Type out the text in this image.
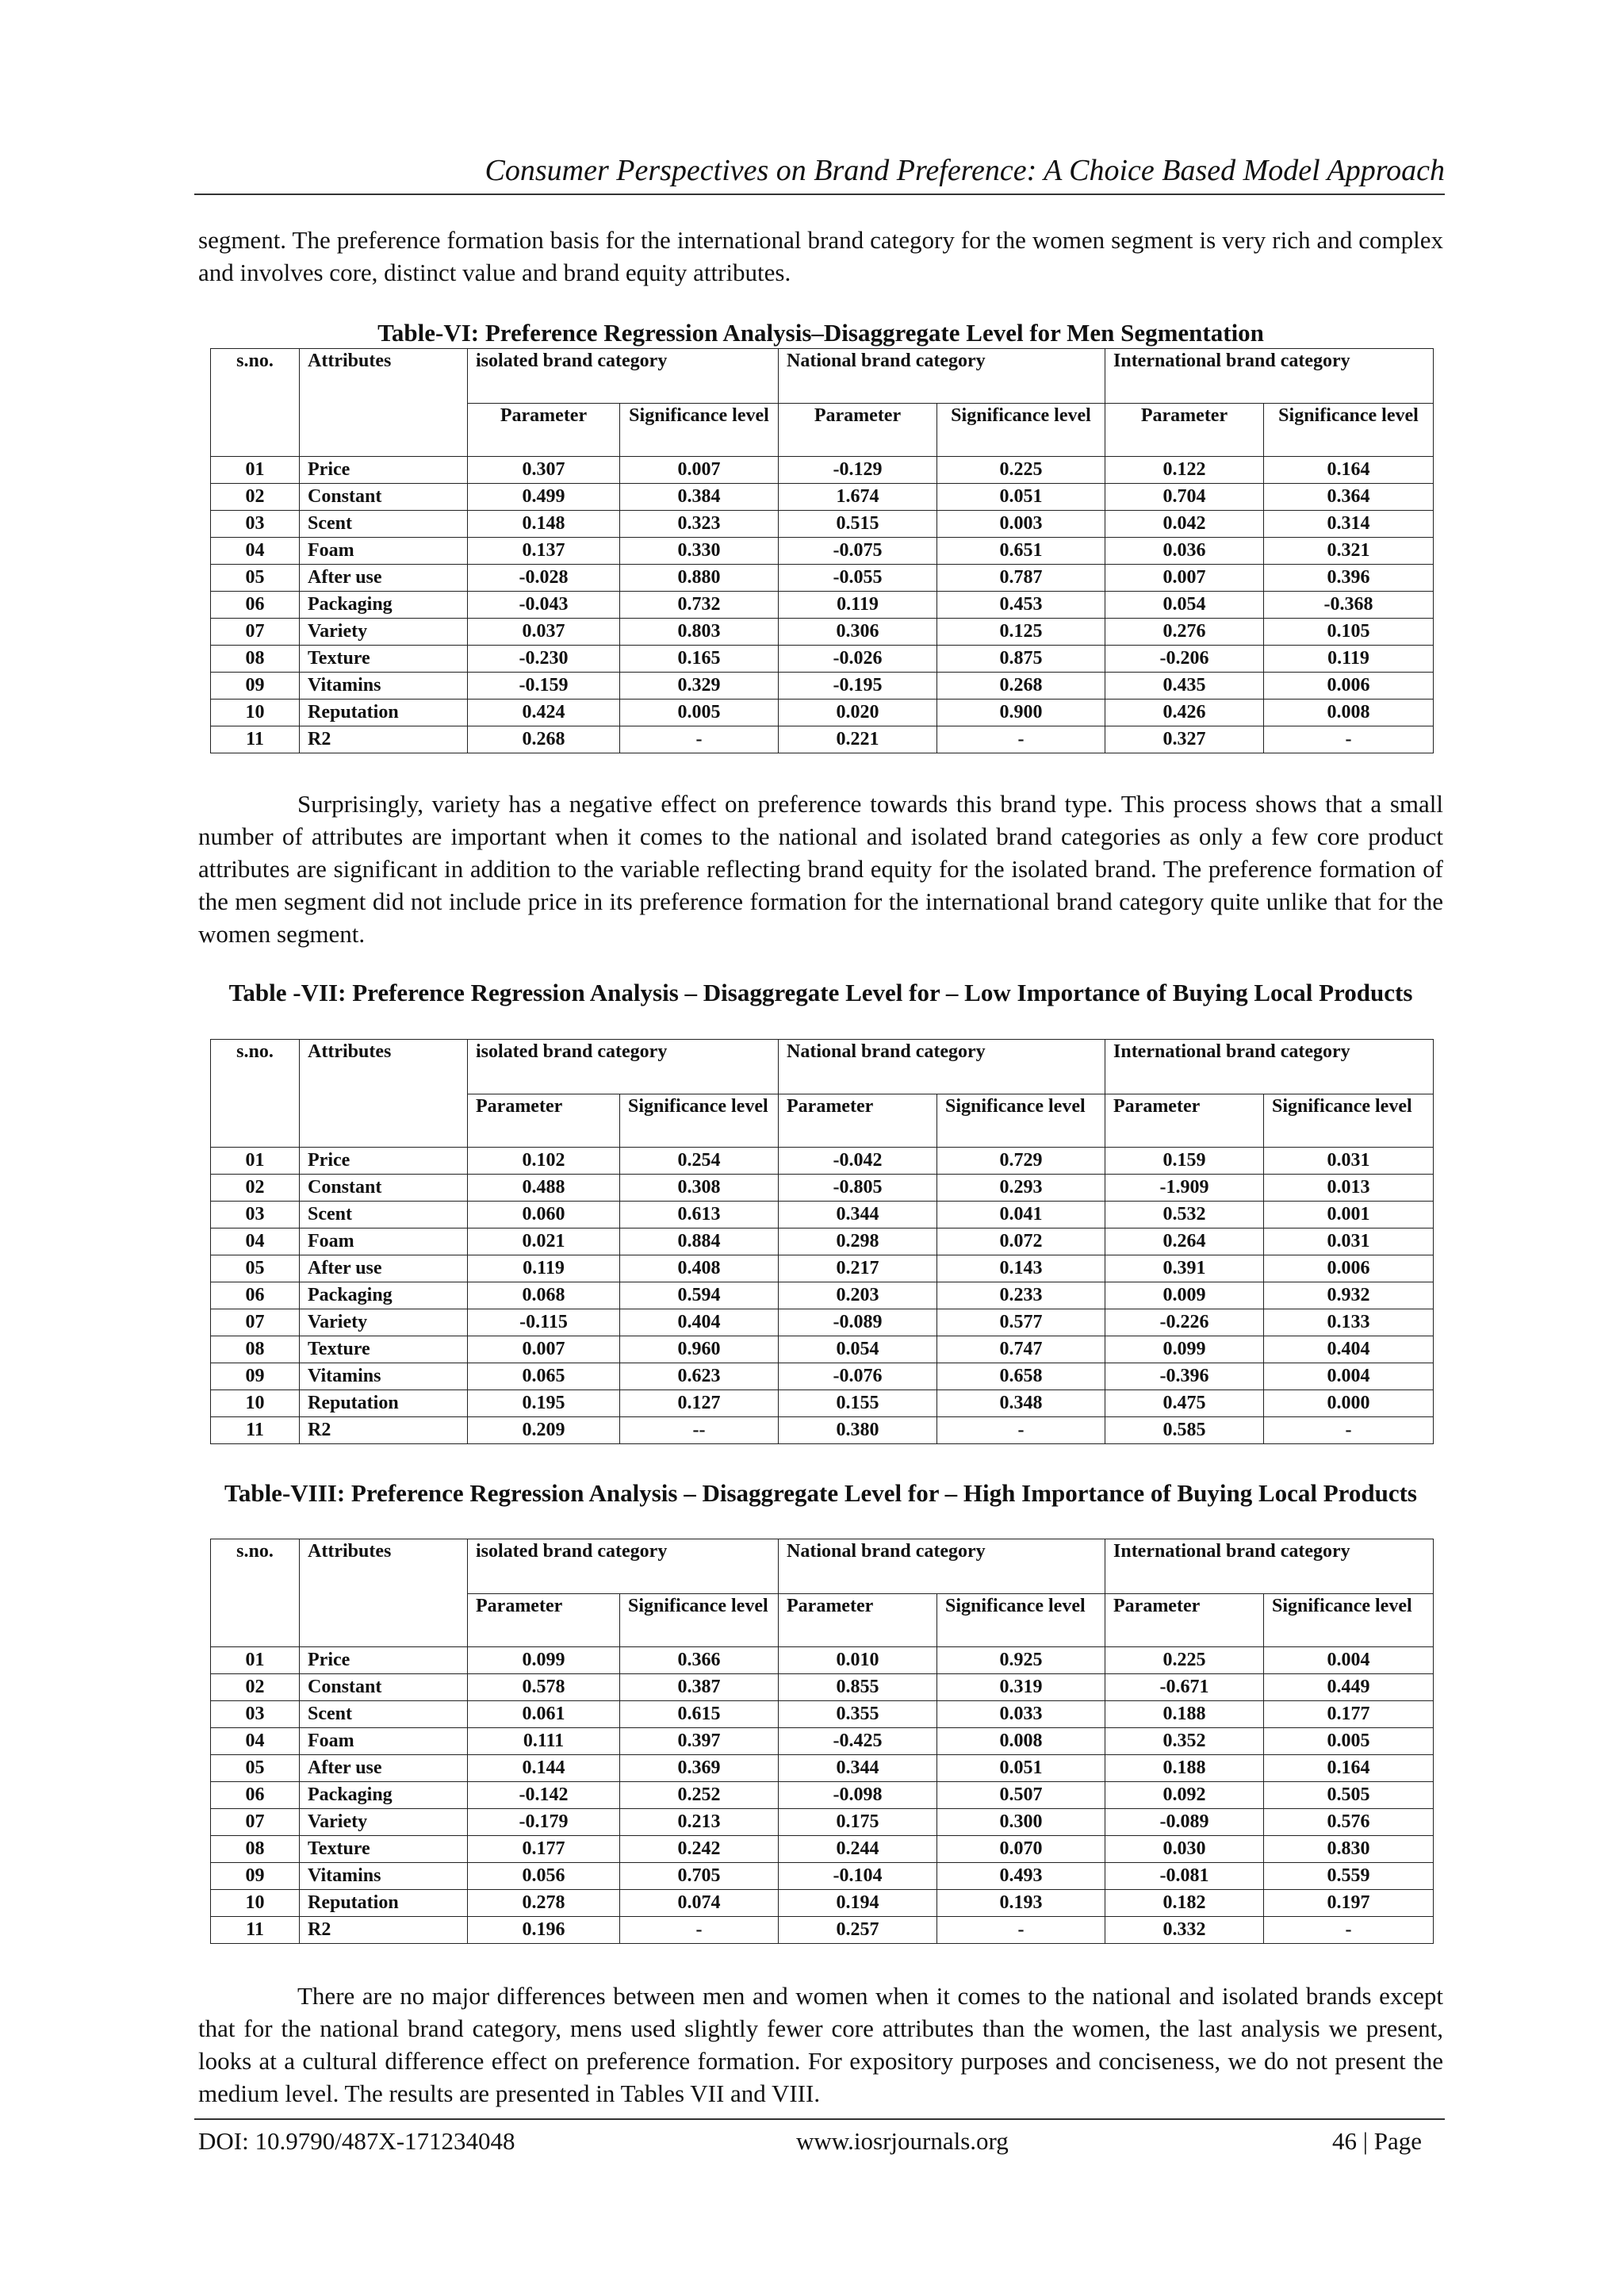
Consumer Perspectives on Brand Preference: A Choice Based Model Approach

segment. The preference formation basis for the international brand category for the women segment is very rich and complex and involves core, distinct value and brand equity attributes.

Table-VI: Preference Regression Analysis–Disaggregate Level for Men Segmentation
s.no.	Attributes	isolated brand category		National brand category		International brand category	
		Parameter	Significance level	Parameter	Significance level	Parameter	Significance level
01	Price	0.307	0.007	-0.129	0.225	0.122	0.164
02	Constant	0.499	0.384	1.674	0.051	0.704	0.364
03	Scent	0.148	0.323	0.515	0.003	0.042	0.314
04	Foam	0.137	0.330	-0.075	0.651	0.036	0.321
05	After use	-0.028	0.880	-0.055	0.787	0.007	0.396
06	Packaging	-0.043	0.732	0.119	0.453	0.054	-0.368
07	Variety	0.037	0.803	0.306	0.125	0.276	0.105
08	Texture	-0.230	0.165	-0.026	0.875	-0.206	0.119
09	Vitamins	-0.159	0.329	-0.195	0.268	0.435	0.006
10	Reputation	0.424	0.005	0.020	0.900	0.426	0.008
11	R2	0.268	-	0.221	-	0.327	-

Surprisingly, variety has a negative effect on preference towards this brand type. This process shows that a small number of attributes are important when it comes to the national and isolated brand categories as only a few core product attributes are significant in addition to the variable reflecting brand equity for the isolated brand. The preference formation of the men segment did not include price in its preference formation for the international brand category quite unlike that for the women segment.

Table -VII: Preference Regression Analysis – Disaggregate Level for – Low Importance of Buying Local Products
s.no.	Attributes	isolated brand category		National brand category		International brand category	
		Parameter	Significance level	Parameter	Significance level	Parameter	Significance level
01	Price	0.102	0.254	-0.042	0.729	0.159	0.031
02	Constant	0.488	0.308	-0.805	0.293	-1.909	0.013
03	Scent	0.060	0.613	0.344	0.041	0.532	0.001
04	Foam	0.021	0.884	0.298	0.072	0.264	0.031
05	After use	0.119	0.408	0.217	0.143	0.391	0.006
06	Packaging	0.068	0.594	0.203	0.233	0.009	0.932
07	Variety	-0.115	0.404	-0.089	0.577	-0.226	0.133
08	Texture	0.007	0.960	0.054	0.747	0.099	0.404
09	Vitamins	0.065	0.623	-0.076	0.658	-0.396	0.004
10	Reputation	0.195	0.127	0.155	0.348	0.475	0.000
11	R2	0.209	--	0.380	-	0.585	-
Table-VIII: Preference Regression Analysis – Disaggregate Level for – High Importance of Buying Local Products
s.no.	Attributes	isolated brand category		National brand category		International brand category	
		Parameter	Significance level	Parameter	Significance level	Parameter	Significance level
01	Price	0.099	0.366	0.010	0.925	0.225	0.004
02	Constant	0.578	0.387	0.855	0.319	-0.671	0.449
03	Scent	0.061	0.615	0.355	0.033	0.188	0.177
04	Foam	0.111	0.397	-0.425	0.008	0.352	0.005
05	After use	0.144	0.369	0.344	0.051	0.188	0.164
06	Packaging	-0.142	0.252	-0.098	0.507	0.092	0.505
07	Variety	-0.179	0.213	0.175	0.300	-0.089	0.576
08	Texture	0.177	0.242	0.244	0.070	0.030	0.830
09	Vitamins	0.056	0.705	-0.104	0.493	-0.081	0.559
10	Reputation	0.278	0.074	0.194	0.193	0.182	0.197
11	R2	0.196	-	0.257	-	0.332	-

There are no major differences between men and women when it comes to the national and isolated brands except that for the national brand category, mens used slightly fewer core attributes than the women, the last analysis we present, looks at a cultural difference effect on preference formation. For expository purposes and conciseness, we do not present the medium level. The results are presented in Tables VII and VIII.

DOI: 10.9790/487X-171234048	www.iosrjournals.org	46 | Page
